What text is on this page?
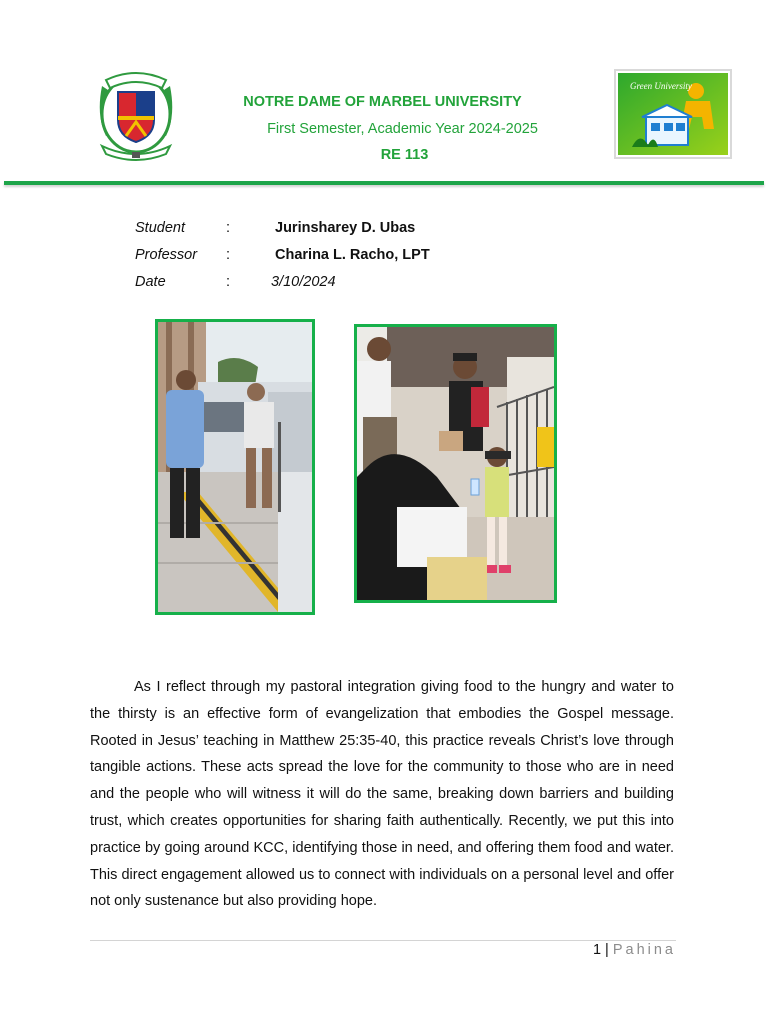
NOTRE DAME OF MARBEL UNIVERSITY
First Semester, Academic Year 2024-2025
RE 113
Green University
Student	:	Jurinsharey D. Ubas
Professor :	Charina L. Racho, LPT
Date	:	3/10/2024

As I reflect through my pastoral integration giving food to the hungry and water to the thirsty is an effective form of evangelization that embodies the Gospel message. Rooted in Jesus’ teaching in Matthew 25:35-40, this practice reveals Christ’s love through tangible actions. These acts spread the love for the community to those who are in need and the people who will witness it will do the same, breaking down barriers and building trust, which creates opportunities for sharing faith authentically. Recently, we put this into practice by going around KCC, identifying those in need, and offering them food and water. This direct engagement allowed us to connect with individuals on a personal level and offer not only sustenance but also providing hope.

1 | Pahina
